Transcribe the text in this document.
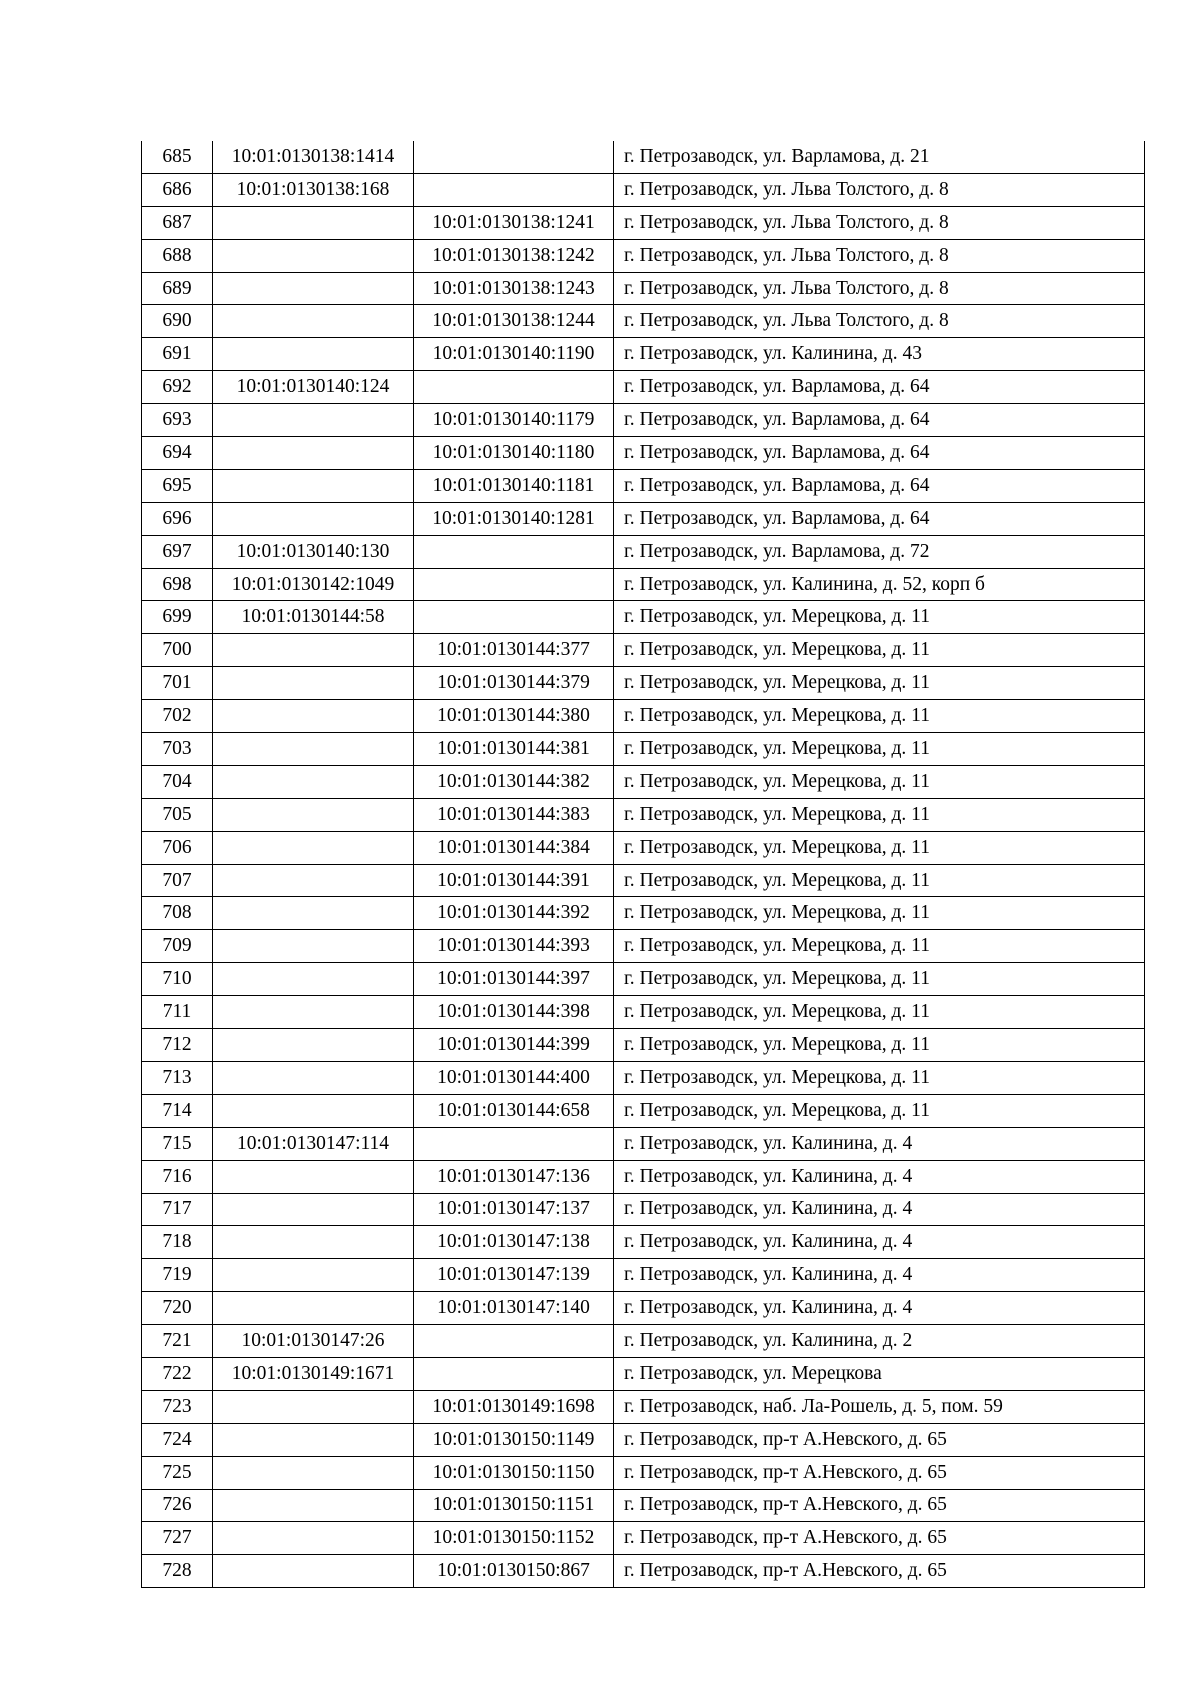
685	10:01:0130138:1414		г. Петрозаводск, ул. Варламова, д. 21
686	10:01:0130138:168		г. Петрозаводск, ул. Льва Толстого, д. 8
687		10:01:0130138:1241	г. Петрозаводск, ул. Льва Толстого, д. 8
688		10:01:0130138:1242	г. Петрозаводск, ул. Льва Толстого, д. 8
689		10:01:0130138:1243	г. Петрозаводск, ул. Льва Толстого, д. 8
690		10:01:0130138:1244	г. Петрозаводск, ул. Льва Толстого, д. 8
691		10:01:0130140:1190	г. Петрозаводск, ул. Калинина, д. 43
692	10:01:0130140:124		г. Петрозаводск, ул. Варламова, д. 64
693		10:01:0130140:1179	г. Петрозаводск, ул. Варламова, д. 64
694		10:01:0130140:1180	г. Петрозаводск, ул. Варламова, д. 64
695		10:01:0130140:1181	г. Петрозаводск, ул. Варламова, д. 64
696		10:01:0130140:1281	г. Петрозаводск, ул. Варламова, д. 64
697	10:01:0130140:130		г. Петрозаводск, ул. Варламова, д. 72
698	10:01:0130142:1049		г. Петрозаводск, ул. Калинина, д. 52, корп б
699	10:01:0130144:58		г. Петрозаводск, ул. Мерецкова, д. 11
700		10:01:0130144:377	г. Петрозаводск, ул. Мерецкова, д. 11
701		10:01:0130144:379	г. Петрозаводск, ул. Мерецкова, д. 11
702		10:01:0130144:380	г. Петрозаводск, ул. Мерецкова, д. 11
703		10:01:0130144:381	г. Петрозаводск, ул. Мерецкова, д. 11
704		10:01:0130144:382	г. Петрозаводск, ул. Мерецкова, д. 11
705		10:01:0130144:383	г. Петрозаводск, ул. Мерецкова, д. 11
706		10:01:0130144:384	г. Петрозаводск, ул. Мерецкова, д. 11
707		10:01:0130144:391	г. Петрозаводск, ул. Мерецкова, д. 11
708		10:01:0130144:392	г. Петрозаводск, ул. Мерецкова, д. 11
709		10:01:0130144:393	г. Петрозаводск, ул. Мерецкова, д. 11
710		10:01:0130144:397	г. Петрозаводск, ул. Мерецкова, д. 11
711		10:01:0130144:398	г. Петрозаводск, ул. Мерецкова, д. 11
712		10:01:0130144:399	г. Петрозаводск, ул. Мерецкова, д. 11
713		10:01:0130144:400	г. Петрозаводск, ул. Мерецкова, д. 11
714		10:01:0130144:658	г. Петрозаводск, ул. Мерецкова, д. 11
715	10:01:0130147:114		г. Петрозаводск, ул. Калинина, д. 4
716		10:01:0130147:136	г. Петрозаводск, ул. Калинина, д. 4
717		10:01:0130147:137	г. Петрозаводск, ул. Калинина, д. 4
718		10:01:0130147:138	г. Петрозаводск, ул. Калинина, д. 4
719		10:01:0130147:139	г. Петрозаводск, ул. Калинина, д. 4
720		10:01:0130147:140	г. Петрозаводск, ул. Калинина, д. 4
721	10:01:0130147:26		г. Петрозаводск, ул. Калинина, д. 2
722	10:01:0130149:1671		г. Петрозаводск, ул. Мерецкова
723		10:01:0130149:1698	г. Петрозаводск, наб. Ла-Рошель, д. 5, пом. 59
724		10:01:0130150:1149	г. Петрозаводск, пр-т А.Невского, д. 65
725		10:01:0130150:1150	г. Петрозаводск, пр-т А.Невского, д. 65
726		10:01:0130150:1151	г. Петрозаводск, пр-т А.Невского, д. 65
727		10:01:0130150:1152	г. Петрозаводск, пр-т А.Невского, д. 65
728		10:01:0130150:867	г. Петрозаводск, пр-т А.Невского, д. 65
